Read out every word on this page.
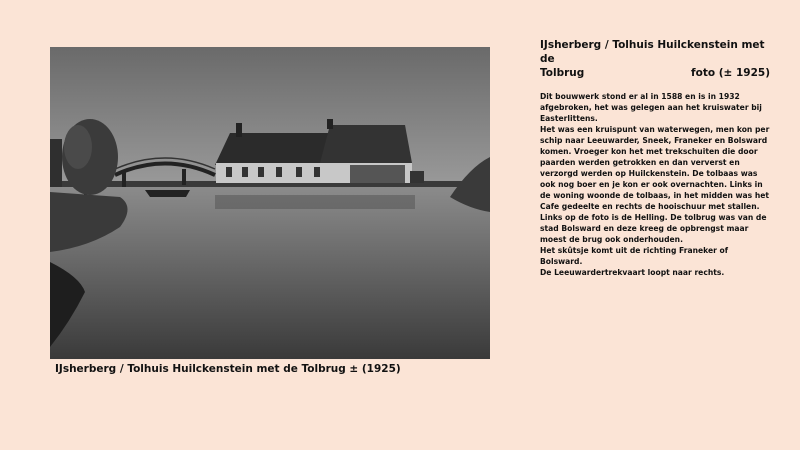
IJsherberg / Tolhuis Huilckenstein met de Tolbrug ± (1925)
IJsherberg / Tolhuis Huilckenstein met de
Tolbrug	foto (± 1925)

Dit bouwwerk stond er al in 1588 en is in 1932 afgebroken, het was gelegen aan het kruiswater bij Easterlittens.

Het was een kruispunt van waterwegen, men kon per schip naar Leeuwarder, Sneek, Franeker en Bolsward komen. Vroeger kon het met trekschuiten die door paarden werden getrokken en dan ververst en verzorgd werden op Huilckenstein. De tolbaas was ook nog boer en je kon er ook overnachten. Links in de woning woonde de tolbaas, in het midden was het Cafe gedeelte en rechts de hooischuur met stallen.

Links op de foto is de Helling. De tolbrug was van de stad Bolsward en deze kreeg de opbrengst maar moest de brug ook onderhouden.

Het skûtsje komt uit de richting Franeker of Bolsward.

De Leeuwardertrekvaart loopt naar rechts.
